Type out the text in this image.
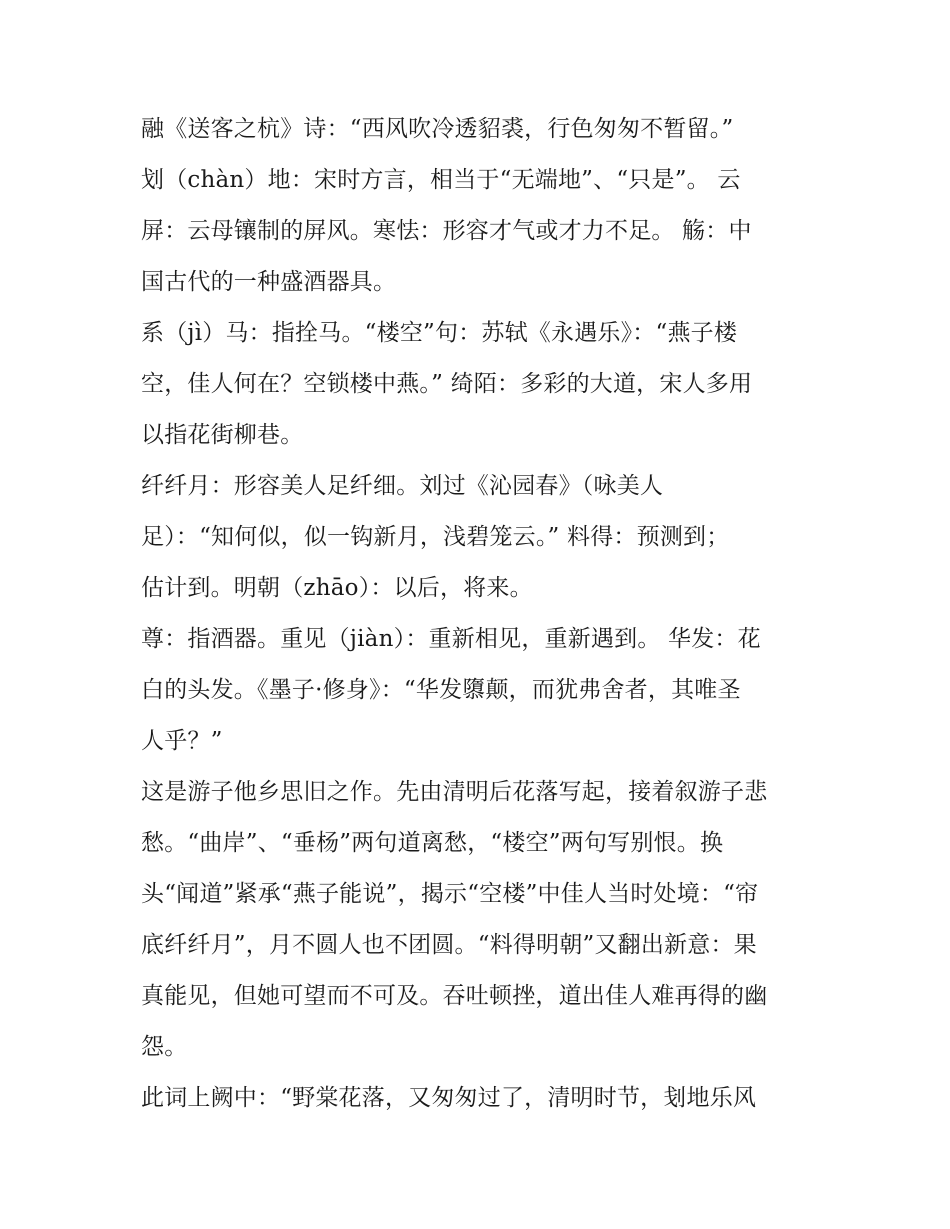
融《送客之杭》诗：“西风吹冷透貂裘，行色匆匆不暂留。”
划（chàn）地：宋时方言，相当于“无端地”、“只是”。 云
屏：云母镶制的屏风。寒怯：形容才气或才力不足。 觞：中
国古代的一种盛酒器具。
系（jì）马：指拴马。“楼空”句：苏轼《永遇乐》：“燕子楼
空，佳人何在？空锁楼中燕。” 绮陌：多彩的大道，宋人多用
以指花街柳巷。
纤纤月：形容美人足纤细。刘过《沁园春》（咏美人
足）：“知何似，似一钩新月，浅碧笼云。” 料得：预测到；
估计到。明朝（zhāo）：以后，将来。
尊：指酒器。重见（jiàn）：重新相见，重新遇到。 华发：花
白的头发。《墨子·修身》：“华发隳颠，而犹弗舍者，其唯圣
人乎？”
这是游子他乡思旧之作。先由清明后花落写起，接着叙游子悲
愁。“曲岸”、“垂杨”两句道离愁，“楼空”两句写别恨。换
头“闻道”紧承“燕子能说”，揭示“空楼”中佳人当时处境：“帘
底纤纤月”，月不圆人也不团圆。“料得明朝”又翻出新意：果
真能见，但她可望而不可及。吞吐顿挫，道出佳人难再得的幽
怨。
此词上阙中：“野棠花落，又匆匆过了，清明时节，刬地乐风
